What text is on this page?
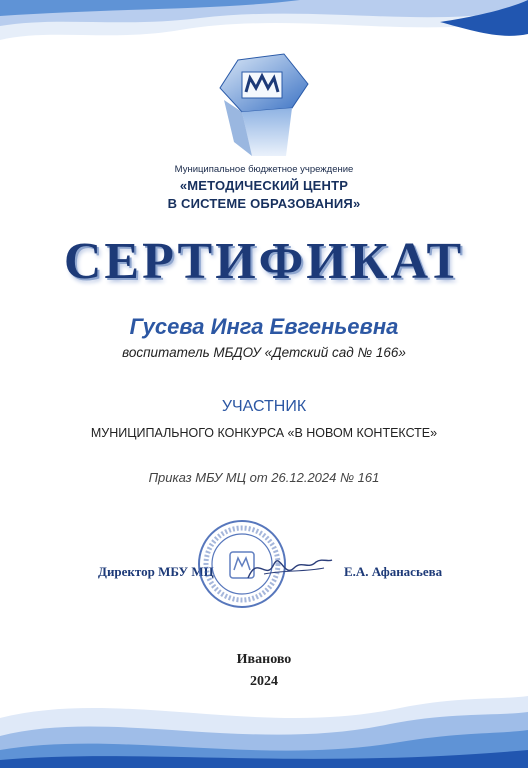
Муниципальное бюджетное учреждение
«МЕТОДИЧЕСКИЙ ЦЕНТР
В СИСТЕМЕ ОБРАЗОВАНИЯ»
СЕРТИФИКАТ
Гусева Инга Евгеньевна
воспитатель МБДОУ «Детский сад № 166»
УЧАСТНИК
МУНИЦИПАЛЬНОГО КОНКУРСА «В НОВОМ КОНТЕКСТЕ»
Приказ МБУ МЦ от 26.12.2024 № 161
Директор МБУ МЦ	Е.А. Афанасьева
Иваново
2024
